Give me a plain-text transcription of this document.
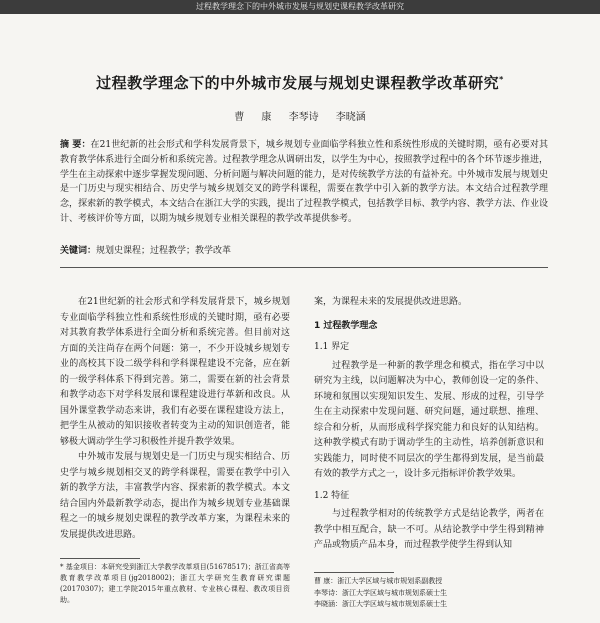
过程教学理念下的中外城市发展与规划史课程教学改革研究
过程教学理念下的中外城市发展与规划史课程教学改革研究*
曹 康 李琴诗 李晓涵

摘 要：在21世纪新的社会形式和学科发展背景下，城乡规划专业面临学科独立性和系统性形成的关键时期，亟有必要对其教育教学体系进行全面分析和系统完善。过程教学理念从调研出发，以学生为中心，按照教学过程中的各个环节逐步推进，学生在主动探索中逐步掌握发现问题、分析问题与解决问题的能力，是对传统教学方法的有益补充。中外城市发展与规划史是一门历史与现实相结合、历史学与城乡规划交叉的跨学科课程，需要在教学中引入新的教学方法。本文结合过程教学理念，探索新的教学模式，本文结合在浙江大学的实践，提出了过程教学模式，包括教学目标、教学内容、教学方法、作业设计、考核评价等方面，以期为城乡规划专业相关课程的教学改革提供参考。

关键词：规划史课程；过程教学；教学改革

在21世纪新的社会形式和学科发展背景下，城乡规划专业面临学科独立性和系统性形成的关键时期，亟有必要对其教育教学体系进行全面分析和系统完善。但目前对这方面的关注尚存在两个问题：第一，不少开设城乡规划专业的高校其下设二级学科和学科课程建设不完备，应在新的一级学科体系下得到完善。第二，需要在新的社会背景和教学动态下对学科发展和课程建设进行革新和改良。从国外课堂教学动态来讲，我们有必要在课程建设方法上，把学生从被动的知识接收者转变为主动的知识创造者，能够极大调动学生学习积极性并提升教学效果。

中外城市发展与规划史是一门历史与现实相结合、历史学与城乡规划相交叉的跨学科课程，需要在教学中引入新的教学方法，丰富教学内容、探索新的教学模式。本文结合国内外最新教学动态，提出作为城乡规划专业基础课程之一的城乡规划史课程的教学改革方案，为课程未来的发展提供改进思路。

案，为课程未来的发展提供改进思路。

1 过程教学理念
1.1 界定

过程教学是一种新的教学理念和模式，指在学习中以研究为主线，以问题解决为中心，教师创设一定的条件、环境和氛围以实现知识发生、发展、形成的过程，引导学生在主动探索中发现问题、研究问题，通过联想、推理、综合和分析，从而形成科学探究能力和良好的认知结构。这种教学模式有助于调动学生的主动性，培养创新意识和实践能力，同时使不同层次的学生都得到发展，是当前最有效的教学方式之一，设计多元指标评价教学效果。

1.2 特征

与过程教学相对的传统教学方式是结论教学，两者在教学中相互配合，缺一不可。从结论教学中学生得到精神产品或物质产品本身，而过程教学使学生得到认知

* 基金项目：本研究受到浙江大学教学改革项目(51678517)；浙江省高等教育教学改革项目(jg2018002)；浙江大学研究生教育研究课题(20170307)；建工学院2015年重点教材、专业核心课程、教改项目资助。
曹 康：浙江大学区域与城市规划系副教授
李琴诗：浙江大学区域与城市规划系硕士生
李晓涵：浙江大学区域与城市规划系硕士生
